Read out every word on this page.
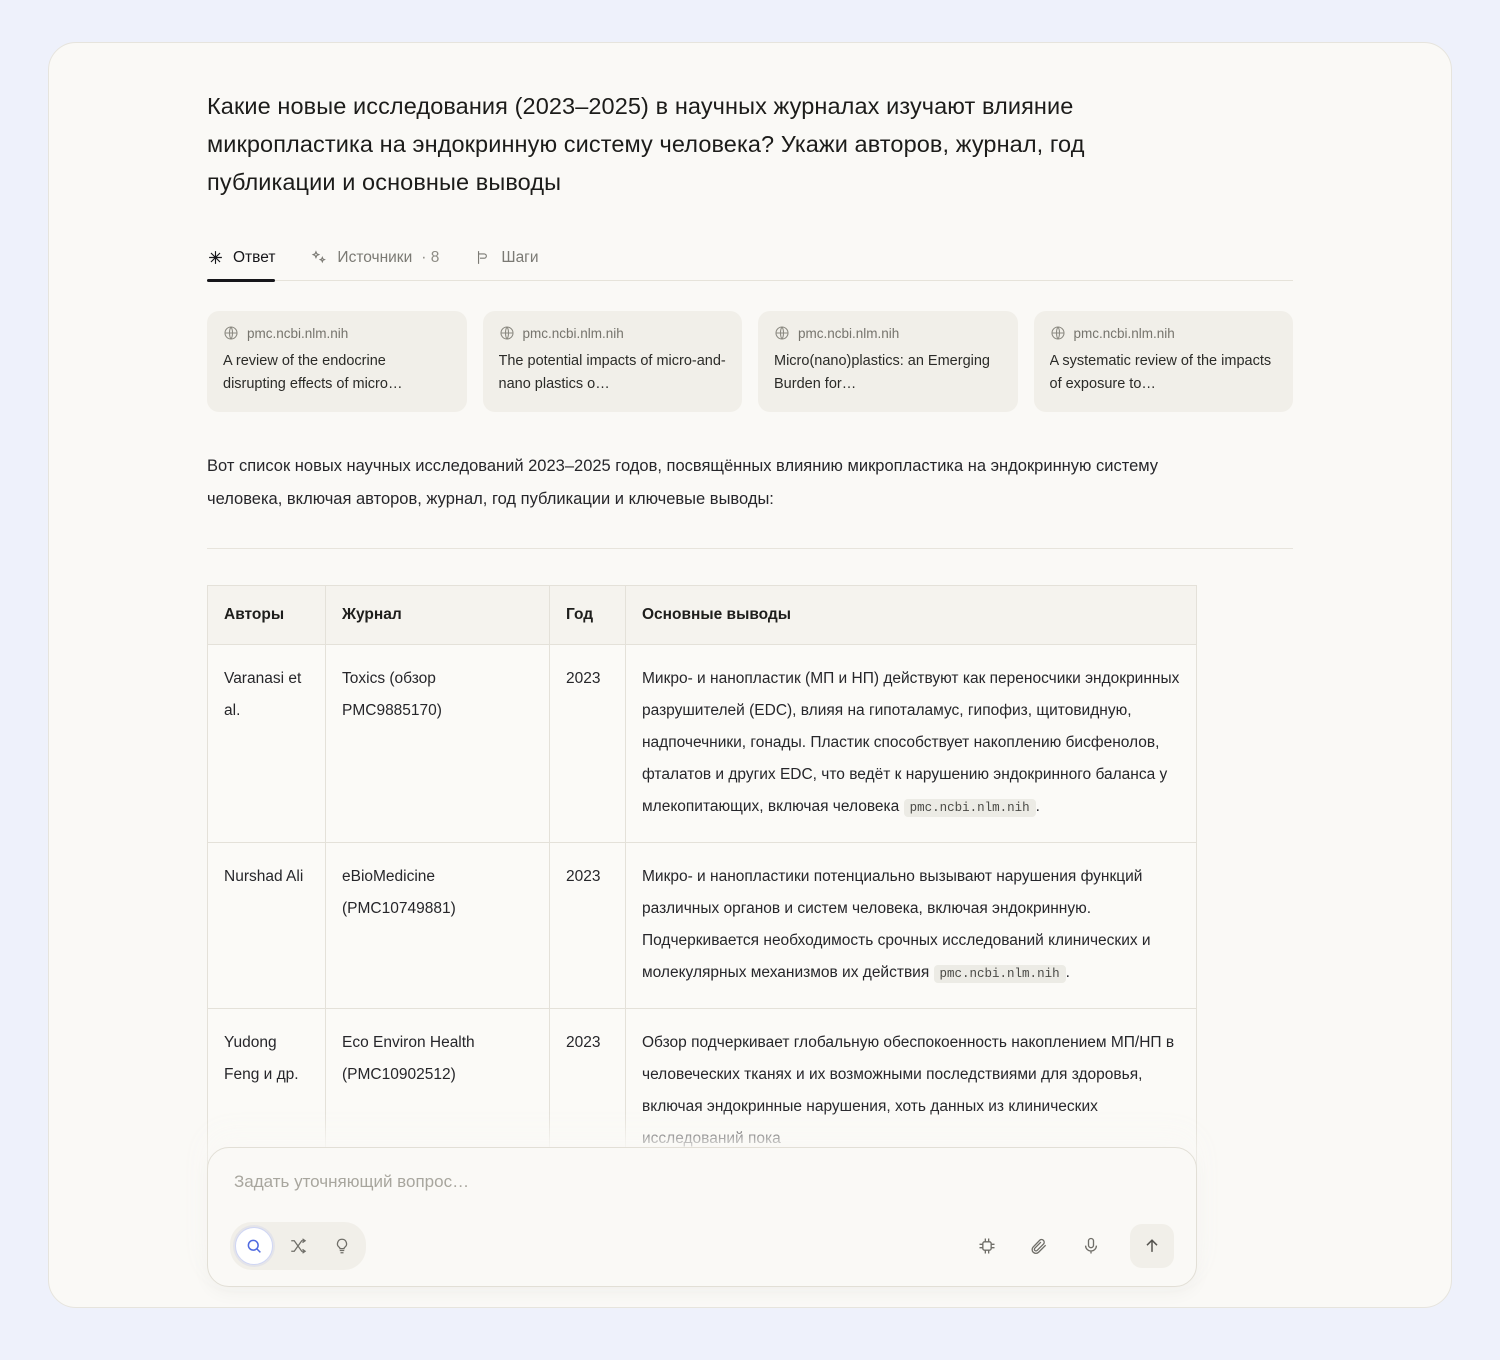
Какие новые исследования (2023–2025) в научных журналах изучают влияние микропластика на эндокринную систему человека? Укажи авторов, журнал, год публикации и основные выводы
Ответ	Источники · 8	Шаги
pmc.ncbi.nlm.nih
A review of the endocrine disrupting effects of micro…
pmc.ncbi.nlm.nih
The potential impacts of micro-and-nano plastics o…
pmc.ncbi.nlm.nih
Micro(nano)plastics: an Emerging Burden for…
pmc.ncbi.nlm.nih
A systematic review of the impacts of exposure to…

Вот список новых научных исследований 2023–2025 годов, посвящённых влиянию микропластика на эндокринную систему человека, включая авторов, журнал, год публикации и ключевые выводы:

Авторы	Журнал	Год	Основные выводы
Varanasi et al.	Toxics (обзор PMC9885170)	2023	Микро- и нанопластик (МП и НП) действуют как переносчики эндокринных разрушителей (EDC), влияя на гипоталамус, гипофиз, щитовидную, надпочечники, гонады. Пластик способствует накоплению бисфенолов, фталатов и других EDC, что ведёт к нарушению эндокринного баланса у млекопитающих, включая человека pmc.ncbi.nlm.nih .
Nurshad Ali	eBioMedicine (PMC10749881)	2023	Микро- и нанопластики потенциально вызывают нарушения функций различных органов и систем человека, включая эндокринную. Подчеркивается необходимость срочных исследований клинических и молекулярных механизмов их действия pmc.ncbi.nlm.nih .
Yudong Feng и др.	Eco Environ Health (PMC10902512)	2023	Обзор подчеркивает глобальную обеспокоенность накоплением МП/НП в человеческих тканях и их возможными последствиями для здоровья, включая эндокринные нарушения, хоть данных из клинических исследований пока
Задать уточняющий вопрос…
